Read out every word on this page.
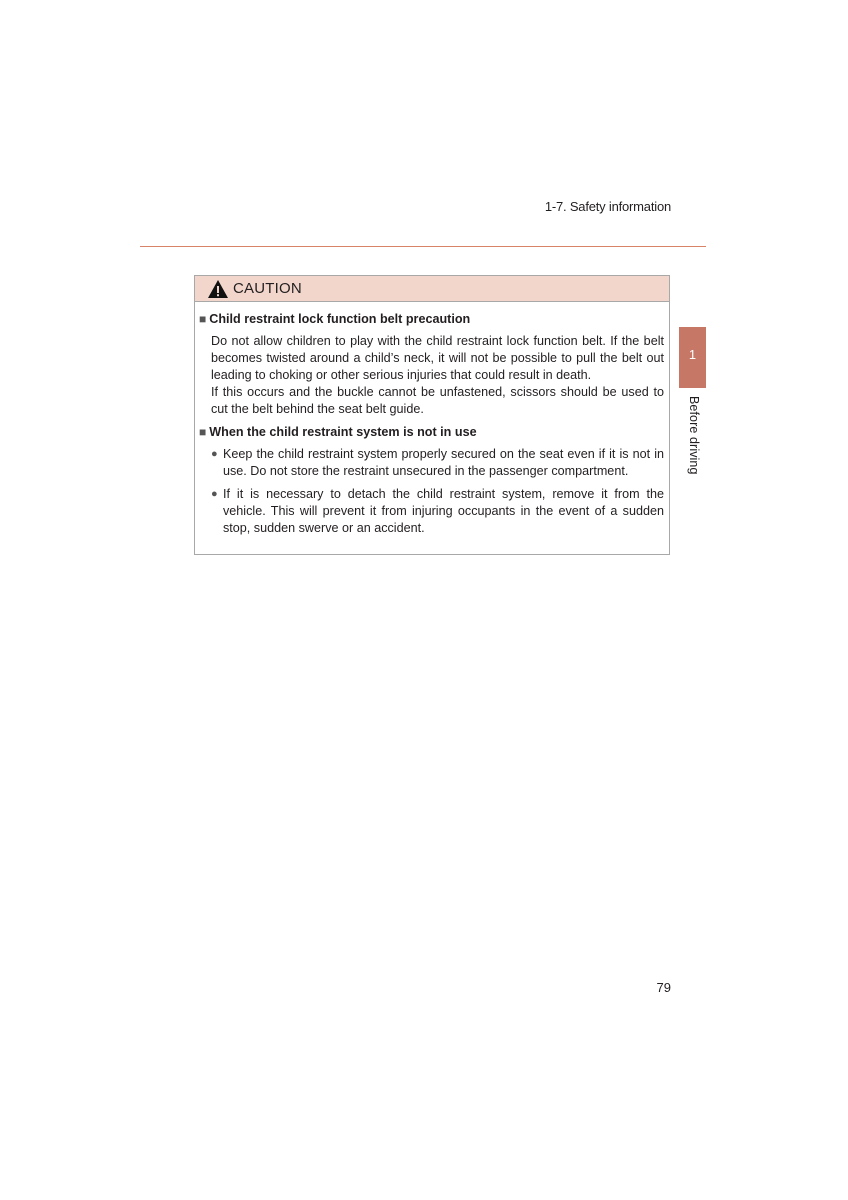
1-7. Safety information
CAUTION
■ Child restraint lock function belt precaution

Do not allow children to play with the child restraint lock function belt. If the belt becomes twisted around a child’s neck, it will not be possible to pull the belt out leading to choking or other serious injuries that could result in death.

If this occurs and the buckle cannot be unfastened, scissors should be used to cut the belt behind the seat belt guide.

■ When the child restraint system is not in use
● Keep the child restraint system properly secured on the seat even if it is not in use. Do not store the restraint unsecured in the passenger compartment.
● If it is necessary to detach the child restraint system, remove it from the vehicle. This will prevent it from injuring occupants in the event of a sudden stop, sudden swerve or an accident.
1
Before driving
79
